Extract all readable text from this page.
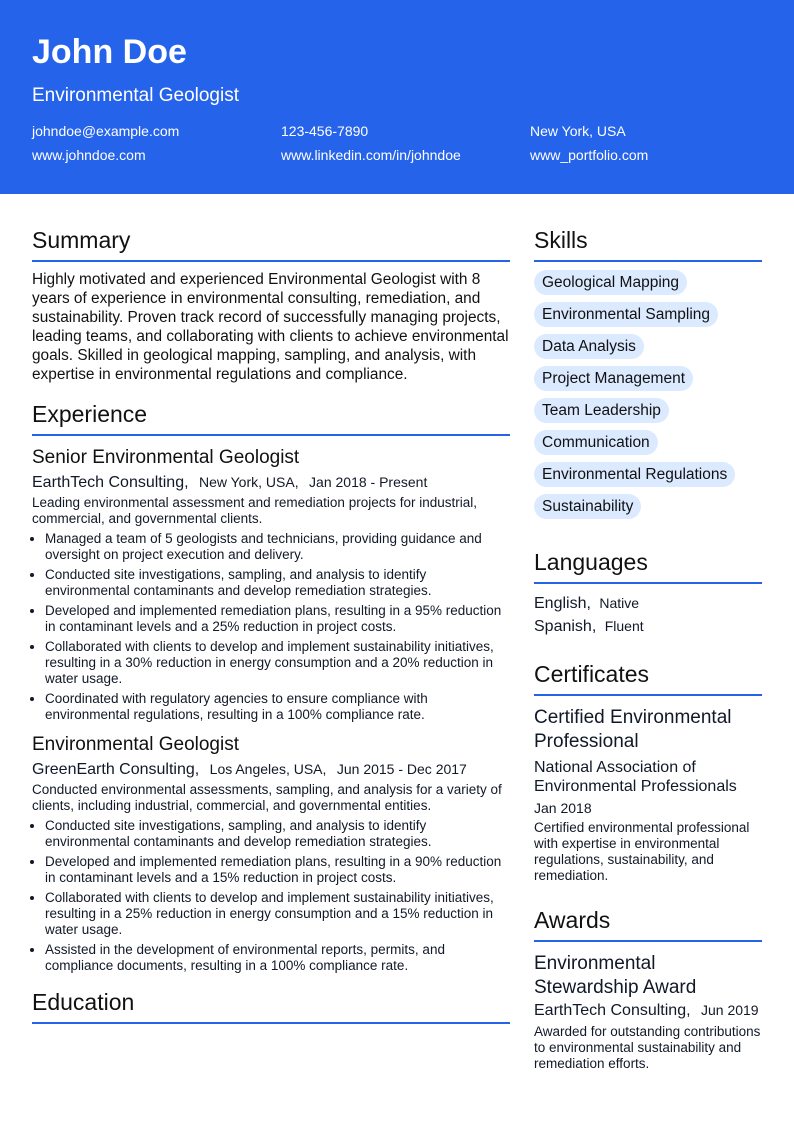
John Doe
Environmental Geologist
johndoe@example.com	123-456-7890	New York, USA
www.johndoe.com	www.linkedin.com/in/johndoe	www_portfolio.com
Summary
Highly motivated and experienced Environmental Geologist with 8 years of experience in environmental consulting, remediation, and sustainability. Proven track record of successfully managing projects, leading teams, and collaborating with clients to achieve environmental goals. Skilled in geological mapping, sampling, and analysis, with expertise in environmental regulations and compliance.
Experience
Senior Environmental Geologist
EarthTech Consulting, New York, USA, Jan 2018 - Present
Leading environmental assessment and remediation projects for industrial, commercial, and governmental clients.
• Managed a team of 5 geologists and technicians, providing guidance and oversight on project execution and delivery.
• Conducted site investigations, sampling, and analysis to identify environmental contaminants and develop remediation strategies.
• Developed and implemented remediation plans, resulting in a 95% reduction in contaminant levels and a 25% reduction in project costs.
• Collaborated with clients to develop and implement sustainability initiatives, resulting in a 30% reduction in energy consumption and a 20% reduction in water usage.
• Coordinated with regulatory agencies to ensure compliance with environmental regulations, resulting in a 100% compliance rate.
Environmental Geologist
GreenEarth Consulting, Los Angeles, USA, Jun 2015 - Dec 2017
Conducted environmental assessments, sampling, and analysis for a variety of clients, including industrial, commercial, and governmental entities.
• Conducted site investigations, sampling, and analysis to identify environmental contaminants and develop remediation strategies.
• Developed and implemented remediation plans, resulting in a 90% reduction in contaminant levels and a 15% reduction in project costs.
• Collaborated with clients to develop and implement sustainability initiatives, resulting in a 25% reduction in energy consumption and a 15% reduction in water usage.
• Assisted in the development of environmental reports, permits, and compliance documents, resulting in a 100% compliance rate.
Education
Skills
Geological Mapping
Environmental Sampling
Data Analysis
Project Management
Team Leadership
Communication
Environmental Regulations
Sustainability
Languages
English, Native
Spanish, Fluent
Certificates
Certified Environmental Professional
National Association of Environmental Professionals
Jan 2018
Certified environmental professional with expertise in environmental regulations, sustainability, and remediation.
Awards
Environmental Stewardship Award
EarthTech Consulting, Jun 2019
Awarded for outstanding contributions to environmental sustainability and remediation efforts.
